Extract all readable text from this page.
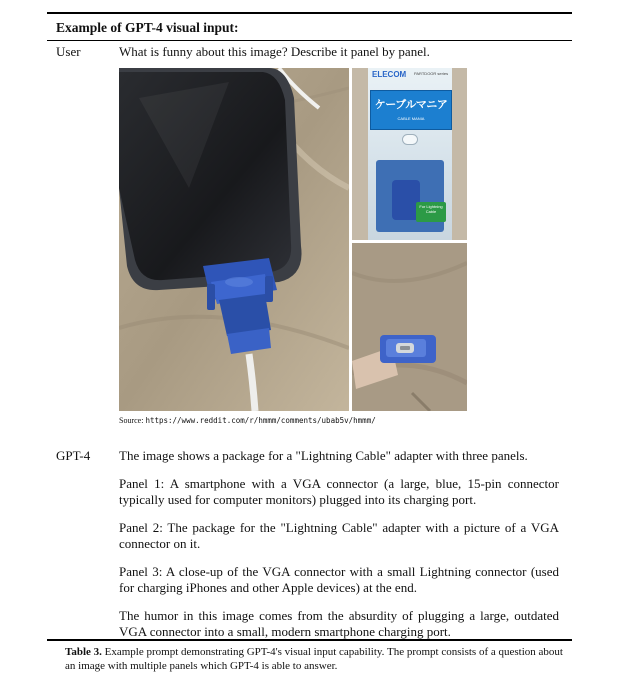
Example of GPT-4 visual input:
User	What is funny about this image? Describe it panel by panel.
ELECOM PARTDOOR series
ケーブルマニア
CABLE MANIA
For Lightning Cable
Source: https://www.reddit.com/r/hmmm/comments/ubab5v/hmmm/
GPT-4 The image shows a package for a "Lightning Cable" adapter with three panels.
Panel 1: A smartphone with a VGA connector (a large, blue, 15-pin connector typically used for computer monitors) plugged into its charging port.
Panel 2: The package for the "Lightning Cable" adapter with a picture of a VGA connector on it.
Panel 3: A close-up of the VGA connector with a small Lightning connector (used for charging iPhones and other Apple devices) at the end.
The humor in this image comes from the absurdity of plugging a large, outdated VGA connector into a small, modern smartphone charging port.
Table 3. Example prompt demonstrating GPT-4's visual input capability. The prompt consists of a question about an image with multiple panels which GPT-4 is able to answer.
